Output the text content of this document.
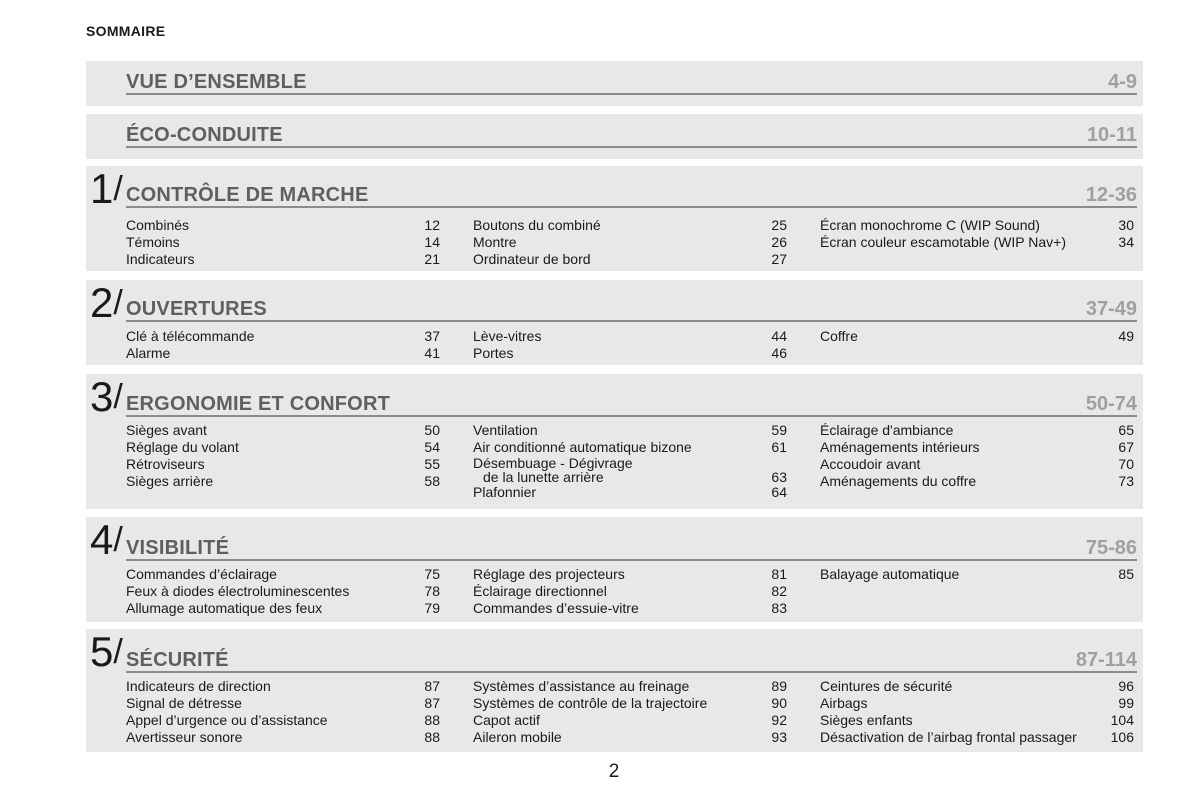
SOMMAIRE
VUE D’ENSEMBLE	4-9
ÉCO-CONDUITE	10-11
1/ CONTRÔLE DE MARCHE	12-36
Combinés	12
Témoins	14
Indicateurs	21
Boutons du combiné	25
Montre	26
Ordinateur de bord	27
Écran monochrome C (WIP Sound)	30
Écran couleur escamotable (WIP Nav+)	34
2/ OUVERTURES	37-49
Clé à télécommande	37
Alarme	41
Lève-vitres	44
Portes	46
Coffre	49
3/ ERGONOMIE ET CONFORT	50-74
Sièges avant	50
Réglage du volant	54
Rétroviseurs	55
Sièges arrière	58
Ventilation	59
Air conditionné automatique bizone	61
Désembuage - Dégivrage
de la lunette arrière	63
Plafonnier	64
Éclairage d'ambiance	65
Aménagements intérieurs	67
Accoudoir avant	70
Aménagements du coffre	73
4/ VISIBILITÉ	75-86
Commandes d’éclairage	75
Feux à diodes électroluminescentes	78
Allumage automatique des feux	79
Réglage des projecteurs	81
Éclairage directionnel	82
Commandes d’essuie-vitre	83
Balayage automatique	85
5/ SÉCURITÉ	87-114
Indicateurs de direction	87
Signal de détresse	87
Appel d’urgence ou d’assistance	88
Avertisseur sonore	88
Systèmes d’assistance au freinage	89
Systèmes de contrôle de la trajectoire	90
Capot actif	92
Aileron mobile	93
Ceintures de sécurité	96
Airbags	99
Sièges enfants	104
Désactivation de l’airbag frontal passager 106
2
